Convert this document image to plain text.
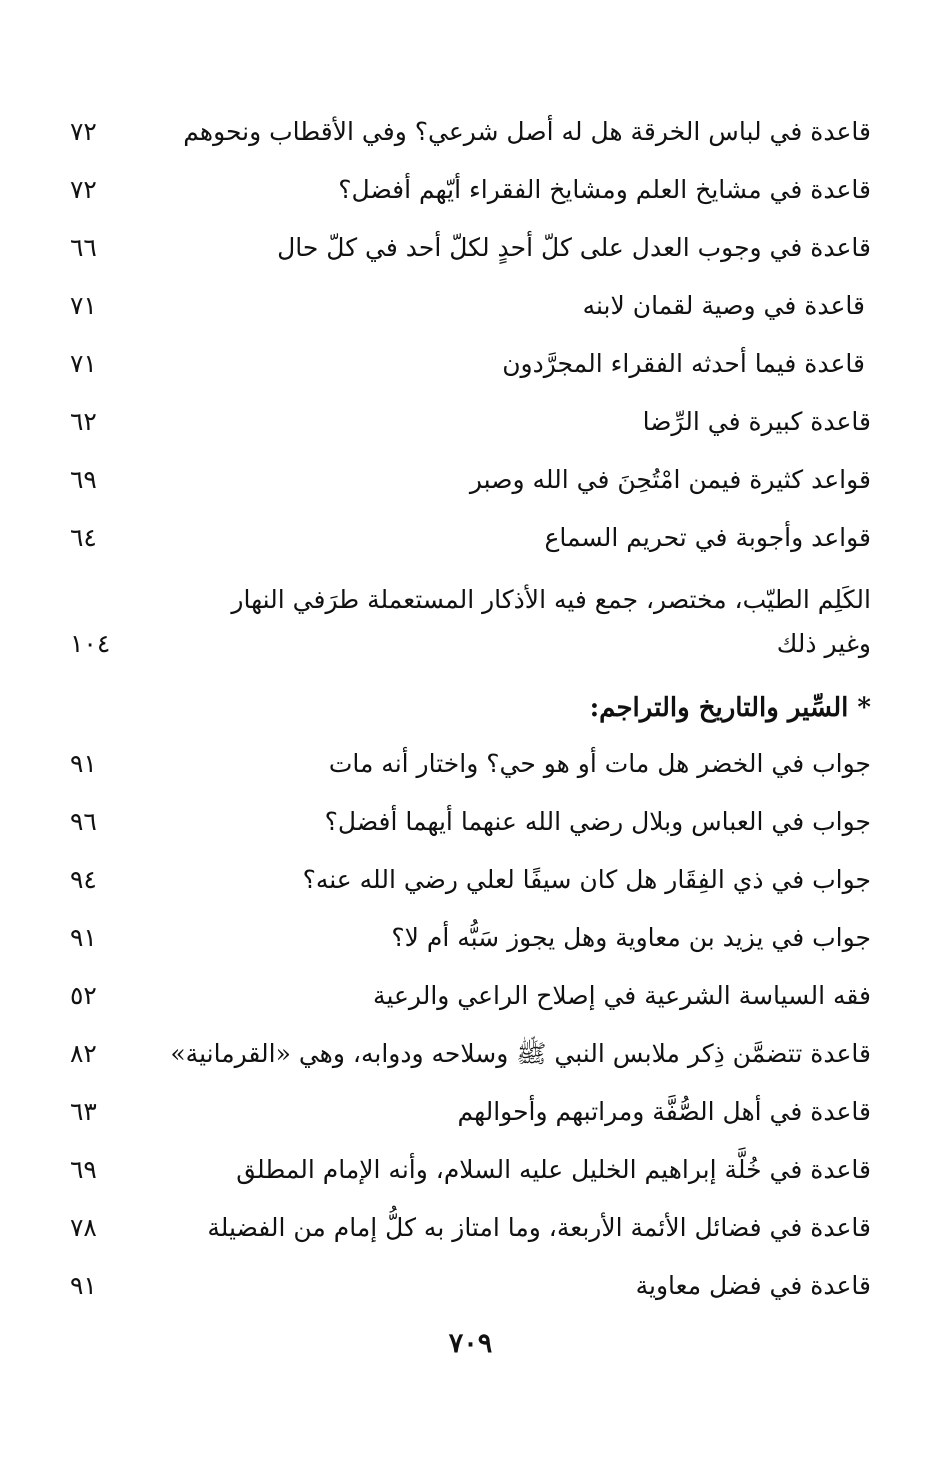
قاعدة في لباس الخرقة هل له أصل شرعي؟ وفي الأقطاب ونحوهم
٧٢
قاعدة في مشايخ العلم ومشايخ الفقراء أيّهم أفضل؟
٧٢
قاعدة في وجوب العدل على كلّ أحدٍ لكلّ أحد في كلّ حال
٦٦
قاعدة في وصية لقمان لابنه
٧١
قاعدة فيما أحدثه الفقراء المجرَّدون
٧١
قاعدة كبيرة في الرِّضا
٦٢
قواعد كثيرة فيمن امْتُحِنَ في الله وصبر
٦٩
قواعد وأجوبة في تحريم السماع
٦٤
الكَلِم الطيّب، مختصر، جمع فيه الأذكار المستعملة طرَفي النهار وغير ذلك
١٠٤
* السِّير والتاريخ والتراجم:
جواب في الخضر هل مات أو هو حي؟ واختار أنه مات
٩١
جواب في العباس وبلال رضي الله عنهما أيهما أفضل؟
٩٦
جواب في ذي الفِقَار هل كان سيفًا لعلي رضي الله عنه؟
٩٤
جواب في يزيد بن معاوية وهل يجوز سَبُّه أم لا؟
٩١
فقه السياسة الشرعية في إصلاح الراعي والرعية
٥٢
قاعدة تتضمَّن ذِكر ملابس النبي ﷺ وسلاحه ودوابه، وهي «القرمانية»
٨٢
قاعدة في أهل الصُّفَّة ومراتبهم وأحوالهم
٦٣
قاعدة في خُلَّة إبراهيم الخليل عليه السلام، وأنه الإمام المطلق
٦٩
قاعدة في فضائل الأئمة الأربعة، وما امتاز به كلُّ إمام من الفضيلة
٧٨
قاعدة في فضل معاوية
٩١
٧٠٩
